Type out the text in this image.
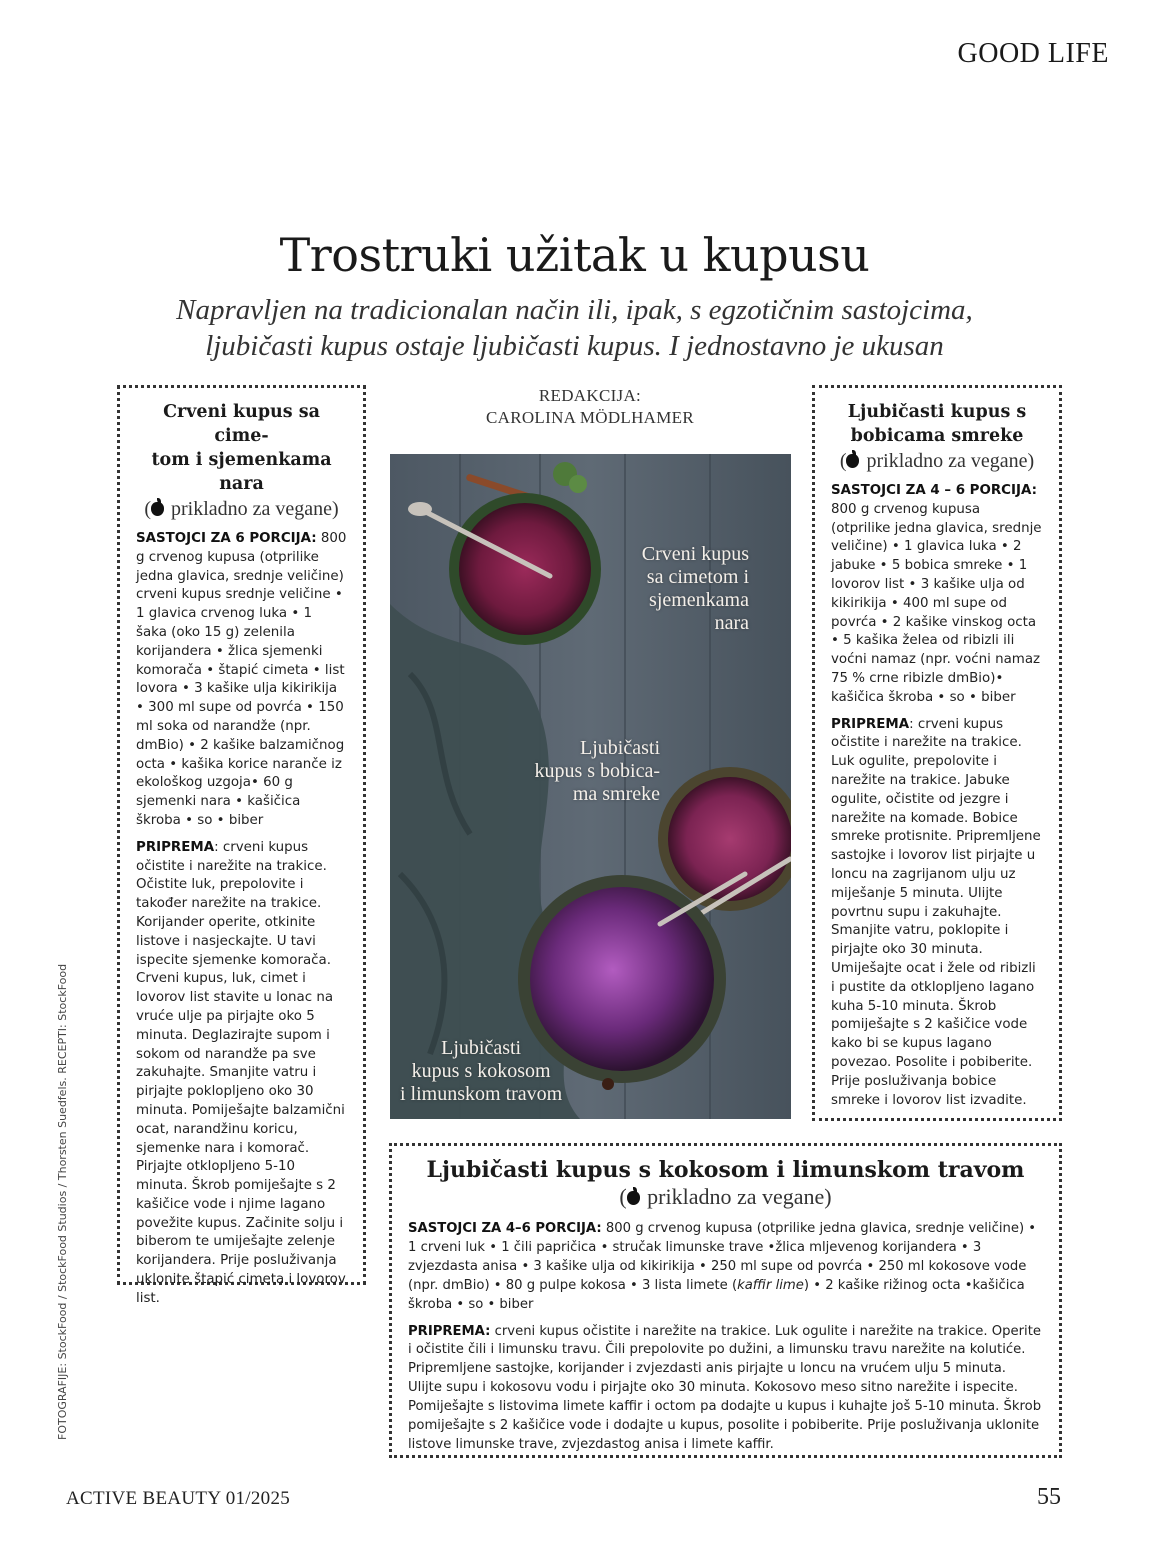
GOOD LIFE
Trostruki užitak u kupusu
Napravljen na tradicionalan način ili, ipak, s egzotičnim sastojcima,
ljubičasti kupus ostaje ljubičasti kupus. I jednostavno je ukusan
Crveni kupus sa cime-
tom i sjemenkama nara
( prikladno za vegane)

SASTOJCI ZA 6 PORCIJA: 800 g crvenog kupusa (otprilike jedna glavica, srednje veličine) crveni kupus srednje veličine • 1 glavica crvenog luka • 1 šaka (oko 15 g) zelenila korijandera • žlica sjemenki komorača • štapić cimeta • list lovora • 3 kašike ulja kikirikija • 300 ml supe od povrća • 150 ml soka od narandže (npr. dmBio) • 2 kašike balzamičnog octa • kašika korice naranče iz ekološkog uzgoja• 60 g sjemenki nara • kašičica škroba • so • biber

PRIPREMA: crveni kupus očistite i narežite na trakice. Očistite luk, prepolovite i također narežite na trakice. Korijander operite, otkinite listove i nasjeckajte. U tavi ispecite sjemenke komorača. Crveni kupus, luk, cimet i lovorov list stavite u lonac na vruće ulje pa pirjajte oko 5 minuta. Deglazirajte supom i sokom od narandže pa sve zakuhajte. Smanjite vatru i pirjajte poklopljeno oko 30 minuta. Pomiješajte balzamični ocat, narandžinu koricu, sjemenke nara i komorač. Pirjajte otklopljeno 5-10 minuta. Škrob pomiješajte s 2 kašičice vode i njime lagano povežite kupus. Začinite solju i biberom te umiješajte zelenje korijandera. Prije posluživanja uklonite štapić cimeta i lovorov list.

REDAKCIJA:
CAROLINA MÖDLHAMER
Crveni kupus
sa cimetom i
sjemenkama
nara
Ljubičasti
kupus s bobica-
ma smreke
Ljubičasti
kupus s kokosom
i limunskom travom
Ljubičasti kupus s
bobicama smreke
( prikladno za vegane)

SASTOJCI ZA 4 – 6 PORCIJA: 800 g crvenog kupusa (otprilike jedna glavica, srednje veličine) • 1 glavica luka • 2 jabuke • 5 bobica smreke • 1 lovorov list • 3 kašike ulja od kikirikija • 400 ml supe od povrća • 2 kašike vinskog octa • 5 kašika želea od ribizli ili voćni namaz (npr. voćni namaz 75 % crne ribizle dmBio)• kašičica škroba • so • biber

PRIPREMA: crveni kupus očistite i narežite na trakice. Luk ogulite, prepolovite i narežite na trakice. Jabuke ogulite, očistite od jezgre i narežite na komade. Bobice smreke protisnite. Pripremljene sastojke i lovorov list pirjajte u loncu na zagrijanom ulju uz miješanje 5 minuta. Ulijte povrtnu supu i zakuhajte. Smanjite vatru, poklopite i pirjajte oko 30 minuta. Umiješajte ocat i žele od ribizli i pustite da otklopljeno lagano kuha 5-10 minuta. Škrob pomiješajte s 2 kašičice vode kako bi se kupus lagano povezao. Posolite i pobiberite. Prije posluživanja bobice smreke i lovorov list izvadite.

Ljubičasti kupus s kokosom i limunskom travom
( prikladno za vegane)

SASTOJCI ZA 4–6 PORCIJA: 800 g crvenog kupusa (otprilike jedna glavica, srednje veličine) • 1 crveni luk • 1 čili papričica • stručak limunske trave •žlica mljevenog korijandera • 3 zvjezdasta anisa • 3 kašike ulja od kikirikija • 250 ml supe od povrća • 250 ml kokosove vode (npr. dmBio) • 80 g pulpe kokosa • 3 lista limete (kaffir lime) • 2 kašike rižinog octa •kašičica škroba • so • biber

PRIPREMA: crveni kupus očistite i narežite na trakice. Luk ogulite i narežite na trakice. Operite i očistite čili i limunsku travu. Čili prepolovite po dužini, a limunsku travu narežite na kolutiće. Pripremljene sastojke, korijander i zvjezdasti anis pirjajte u loncu na vrućem ulju 5 minuta. Ulijte supu i kokosovu vodu i pirjajte oko 30 minuta. Kokosovo meso sitno narežite i ispecite. Pomiješajte s listovima limete kaffir i octom pa dodajte u kupus i kuhajte još 5-10 minuta. Škrob pomiješajte s 2 kašičice vode i dodajte u kupus, posolite i pobiberite. Prije posluživanja uklonite listove limunske trave, zvjezdastog anisa i limete kaffir.

FOTOGRAFIJE: StockFood / StockFood Studios / Thorsten Suedfels. RECEPTI: StockFood
ACTIVE BEAUTY 01/2025	55
